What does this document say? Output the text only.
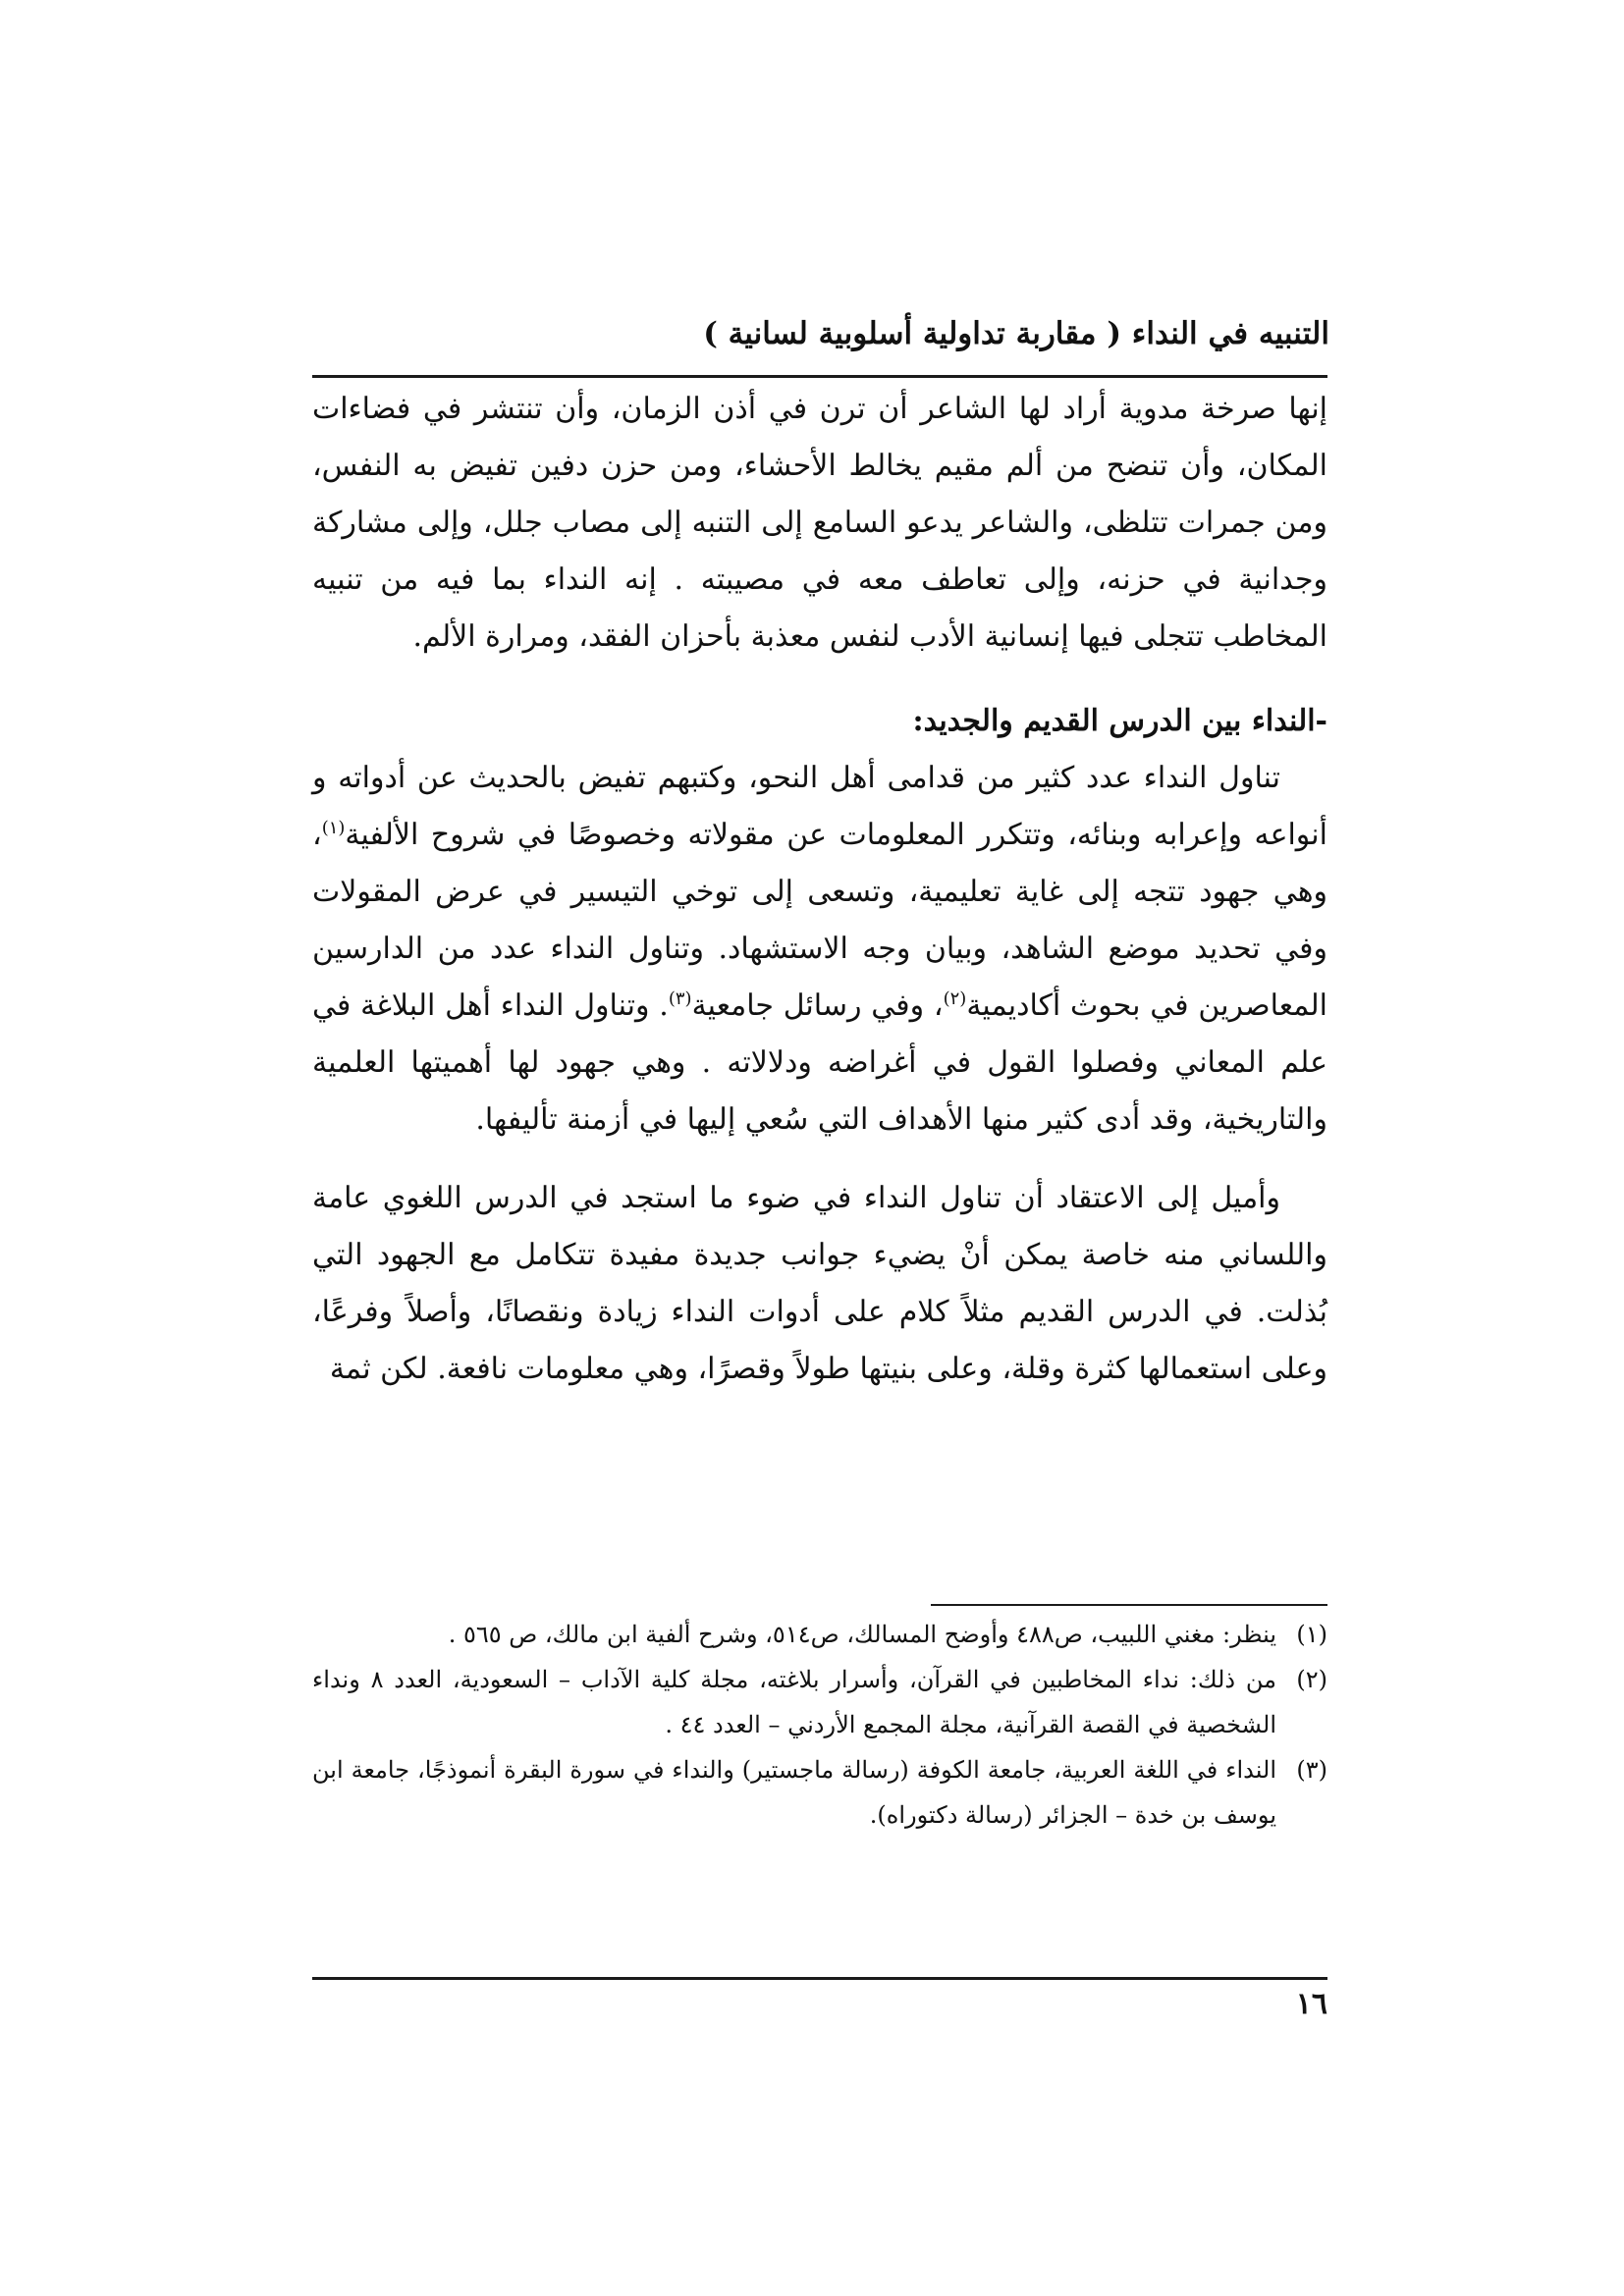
التنبيه في النداء ( مقاربة تداولية أسلوبية لسانية )

إنها صرخة مدوية أراد لها الشاعر أن ترن في أذن الزمان، وأن تنتشر في فضاءات المكان، وأن تنضح من ألم مقيم يخالط الأحشاء، ومن حزن دفين تفيض به النفس، ومن جمرات تتلظى، والشاعر يدعو السامع إلى التنبه إلى مصاب جلل، وإلى مشاركة وجدانية في حزنه، وإلى تعاطف معه في مصيبته . إنه النداء بما فيه من تنبيه المخاطب تتجلى فيها إنسانية الأدب لنفس معذبة بأحزان الفقد، ومرارة الألم.

-النداء بين الدرس القديم والجديد:

تناول النداء عدد كثير من قدامى أهل النحو، وكتبهم تفيض بالحديث عن أدواته و أنواعه وإعرابه وبنائه، وتتكرر المعلومات عن مقولاته وخصوصًا في شروح الألفية$^{(١)}$، وهي جهود تتجه إلى غاية تعليمية، وتسعى إلى توخي التيسير في عرض المقولات وفي تحديد موضع الشاهد، وبيان وجه الاستشهاد. وتناول النداء عدد من الدارسين المعاصرين في بحوث أكاديمية$^{(٢)}$، وفي رسائل جامعية$^{(٣)}$. وتناول النداء أهل البلاغة في علم المعاني وفصلوا القول في أغراضه ودلالاته . وهي جهود لها أهميتها العلمية والتاريخية، وقد أدى كثير منها الأهداف التي سُعي إليها في أزمنة تأليفها.

وأميل إلى الاعتقاد أن تناول النداء في ضوء ما استجد في الدرس اللغوي عامة واللساني منه خاصة يمكن أنْ يضيء جوانب جديدة مفيدة تتكامل مع الجهود التي بُذلت. في الدرس القديم مثلاً كلام على أدوات النداء زيادة ونقصانًا، وأصلاً وفرعًا، وعلى استعمالها كثرة وقلة، وعلى بنيتها طولاً وقصرًا، وهي معلومات نافعة. لكن ثمة

(١)
ينظر: مغني اللبيب، ص٤٨٨ وأوضح المسالك، ص٥١٤، وشرح ألفية ابن مالك، ص ٥٦٥ .
(٢)
من ذلك: نداء المخاطبين في القرآن، وأسرار بلاغته، مجلة كلية الآداب – السعودية، العدد ٨ ونداء الشخصية في القصة القرآنية، مجلة المجمع الأردني – العدد ٤٤ .
(٣)
النداء في اللغة العربية، جامعة الكوفة (رسالة ماجستير) والنداء في سورة البقرة أنموذجًا، جامعة ابن يوسف بن خدة – الجزائر (رسالة دكتوراه).
١٦
